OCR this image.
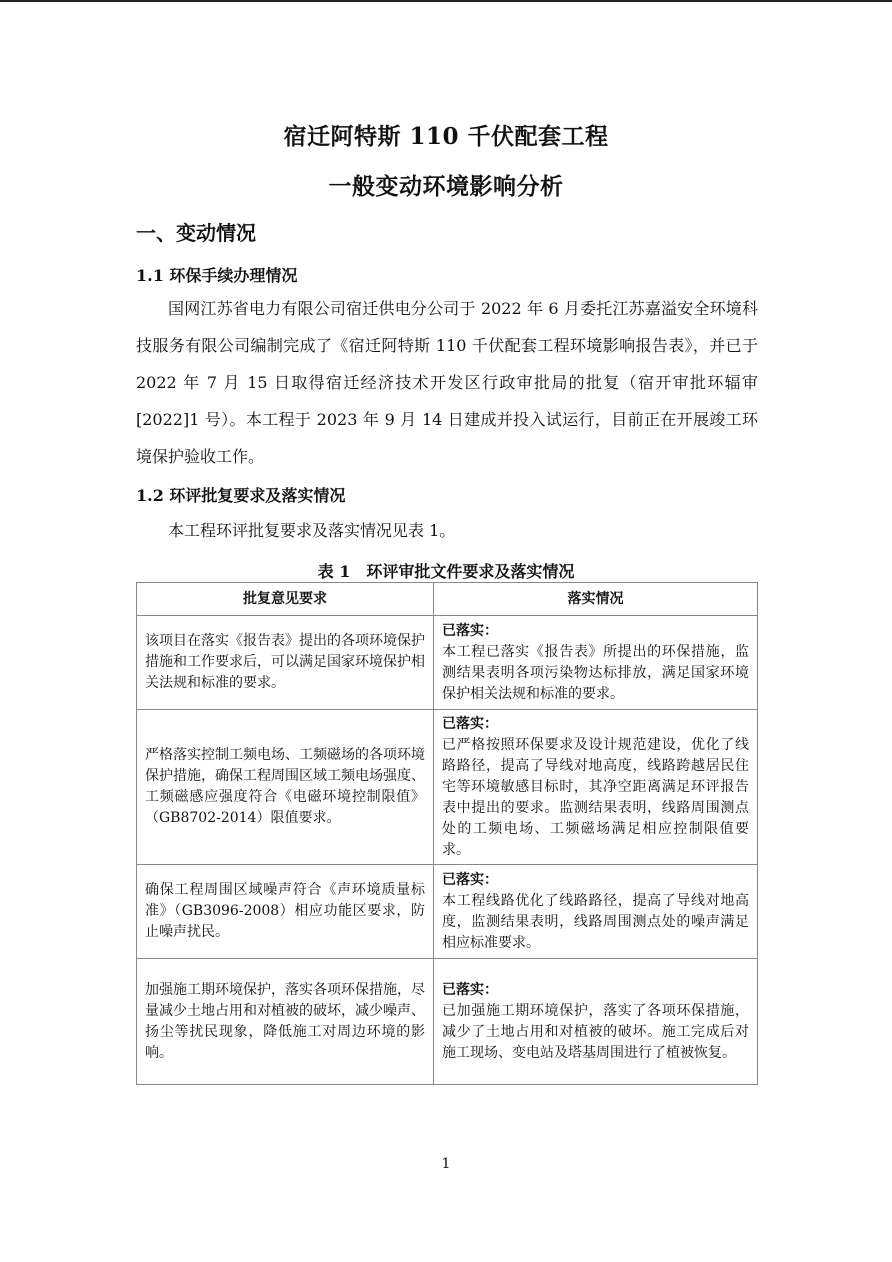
宿迁阿特斯 110 千伏配套工程
一般变动环境影响分析
一、变动情况
1.1 环保手续办理情况
国网江苏省电力有限公司宿迁供电分公司于 2022 年 6 月委托江苏嘉溢安全环境科技服务有限公司编制完成了《宿迁阿特斯 110 千伏配套工程环境影响报告表》，并已于 2022 年 7 月 15 日取得宿迁经济技术开发区行政审批局的批复（宿开审批环辐审[2022]1 号）。本工程于 2023 年 9 月 14 日建成并投入试运行，目前正在开展竣工环境保护验收工作。
1.2 环评批复要求及落实情况
本工程环评批复要求及落实情况见表 1。
表 1　环评审批文件要求及落实情况
批复意见要求	落实情况
该项目在落实《报告表》提出的各项环境保护措施和工作要求后，可以满足国家环境保护相关法规和标准的要求。	已落实：
本工程已落实《报告表》所提出的环保措施，监测结果表明各项污染物达标排放，满足国家环境保护相关法规和标准的要求。

严格落实控制工频电场、工频磁场的各项环境保护措施，确保工程周围区域工频电场强度、工频磁感应强度符合《电磁环境控制限值》（GB8702-2014）限值要求。	已落实：
已严格按照环保要求及设计规范建设，优化了线路路径，提高了导线对地高度，线路跨越居民住宅等环境敏感目标时，其净空距离满足环评报告表中提出的要求。监测结果表明，线路周围测点处的工频电场、工频磁场满足相应控制限值要求。

确保工程周围区域噪声符合《声环境质量标准》（GB3096-2008）相应功能区要求，防止噪声扰民。	已落实：
本工程线路优化了线路路径，提高了导线对地高度，监测结果表明，线路周围测点处的噪声满足相应标准要求。

加强施工期环境保护，落实各项环保措施，尽量减少土地占用和对植被的破坏，减少噪声、扬尘等扰民现象，降低施工对周边环境的影响。	已落实：
已加强施工期环境保护，落实了各项环保措施，减少了土地占用和对植被的破坏。施工完成后对施工现场、变电站及塔基周围进行了植被恢复。
1
